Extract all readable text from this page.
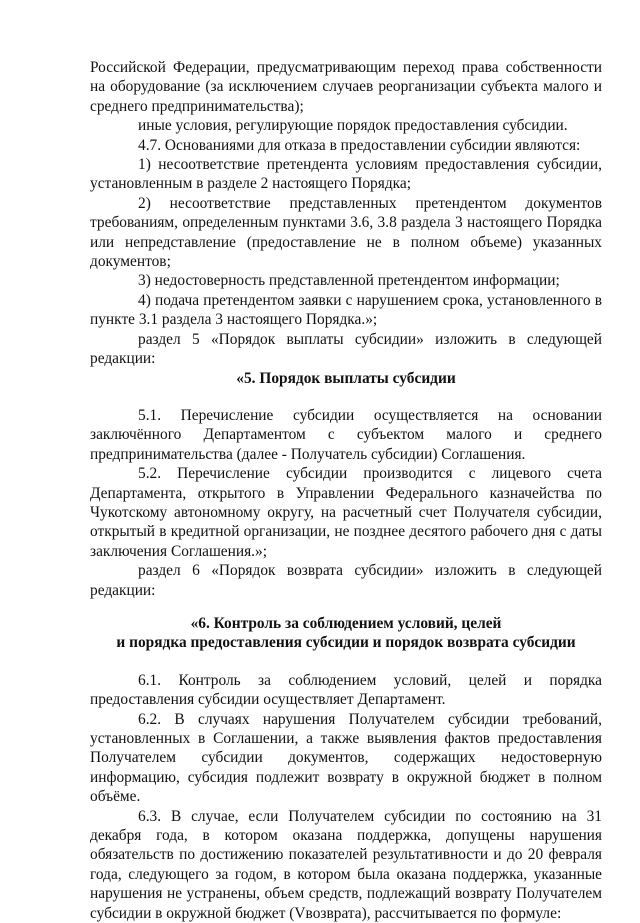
Российской Федерации, предусматривающим переход права собственности на оборудование (за исключением случаев реорганизации субъекта малого и среднего предпринимательства);

иные условия, регулирующие порядок предоставления субсидии.

4.7. Основаниями для отказа в предоставлении субсидии являются:

1) несоответствие претендента условиям предоставления субсидии, установленным в разделе 2 настоящего Порядка;

2) несоответствие представленных претендентом документов требованиям, определенным пунктами 3.6, 3.8 раздела 3 настоящего Порядка или непредставление (предоставление не в полном объеме) указанных документов;

3) недостоверность представленной претендентом информации;

4) подача претендентом заявки с нарушением срока, установленного в пункте 3.1 раздела 3 настоящего Порядка.»;

раздел 5 «Порядок выплаты субсидии» изложить в следующей редакции:

«5. Порядок выплаты субсидии

5.1. Перечисление субсидии осуществляется на основании заключённого Департаментом с субъектом малого и среднего предпринимательства (далее - Получатель субсидии) Соглашения.

5.2. Перечисление субсидии производится с лицевого счета Департамента, открытого в Управлении Федерального казначейства по Чукотскому автономному округу, на расчетный счет Получателя субсидии, открытый в кредитной организации, не позднее десятого рабочего дня с даты заключения Соглашения.»;

раздел 6 «Порядок возврата субсидии» изложить в следующей редакции:

«6. Контроль за соблюдением условий, целей
и порядка предоставления субсидии и порядок возврата субсидии

6.1. Контроль за соблюдением условий, целей и порядка предоставления субсидии осуществляет Департамент.

6.2. В случаях нарушения Получателем субсидии требований, установленных в Соглашении, а также выявления фактов предоставления Получателем субсидии документов, содержащих недостоверную информацию, субсидия подлежит возврату в окружной бюджет в полном объёме.

6.3. В случае, если Получателем субсидии по состоянию на 31 декабря года, в котором оказана поддержка, допущены нарушения обязательств по достижению показателей результативности и до 20 февраля года, следующего за годом, в котором была оказана поддержка, указанные нарушения не устранены, объем средств, подлежащий возврату Получателем субсидии в окружной бюджет (Vвозврата), рассчитывается по формуле:
